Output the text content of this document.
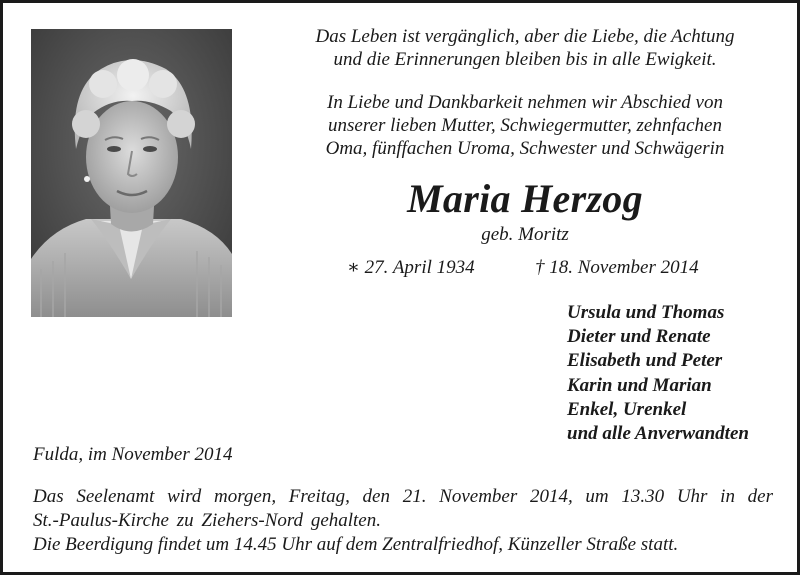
Das Leben ist vergänglich, aber die Liebe, die Achtung

und die Erinnerungen bleiben bis in alle Ewigkeit.

In Liebe und Dankbarkeit nehmen wir Abschied von

unserer lieben Mutter, Schwiegermutter, zehnfachen

Oma, fünffachen Uroma, Schwester und Schwägerin

Maria Herzog
geb. Moritz
∗ 27. April 1934	† 18. November 2014
Ursula und Thomas
Dieter und Renate
Elisabeth und Peter
Karin und Marian
Enkel, Urenkel
und alle Anverwandten
Fulda, im November 2014
Das Seelenamt wird morgen, Freitag, den 21. November 2014, um 13.30 Uhr in der
St.-Paulus-Kirche zu Ziehers-Nord gehalten.
Die Beerdigung findet um 14.45 Uhr auf dem Zentralfriedhof, Künzeller Straße statt.
